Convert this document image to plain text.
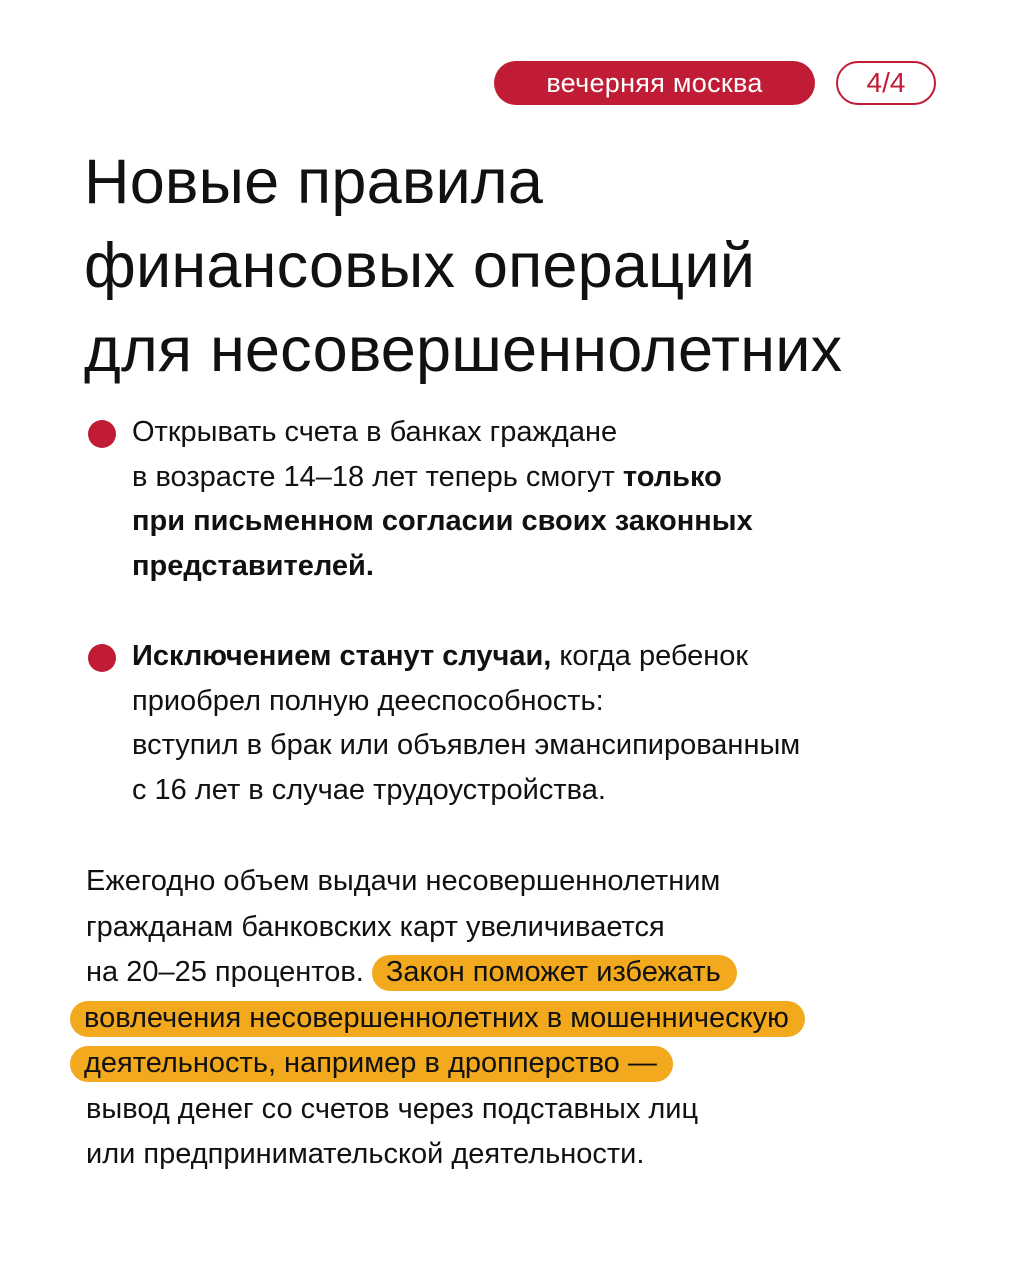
вечерняя москва	4/4
Новые правила
финансовых операций
для несовершеннолетних
Открывать счета в банках граждане
в возрасте 14–18 лет теперь смогут только
при письменном согласии своих законных
представителей.
Исключением станут случаи, когда ребенок
приобрел полную дееспособность:
вступил в брак или объявлен эмансипированным
с 16 лет в случае трудоустройства.
Ежегодно объем выдачи несовершеннолетним
гражданам банковских карт увеличивается
на 20–25 процентов. Закон поможет избежать
вовлечения несовершеннолетних в мошенническую
деятельность, например в дропперство —
вывод денег со счетов через подставных лиц
или предпринимательской деятельности.
